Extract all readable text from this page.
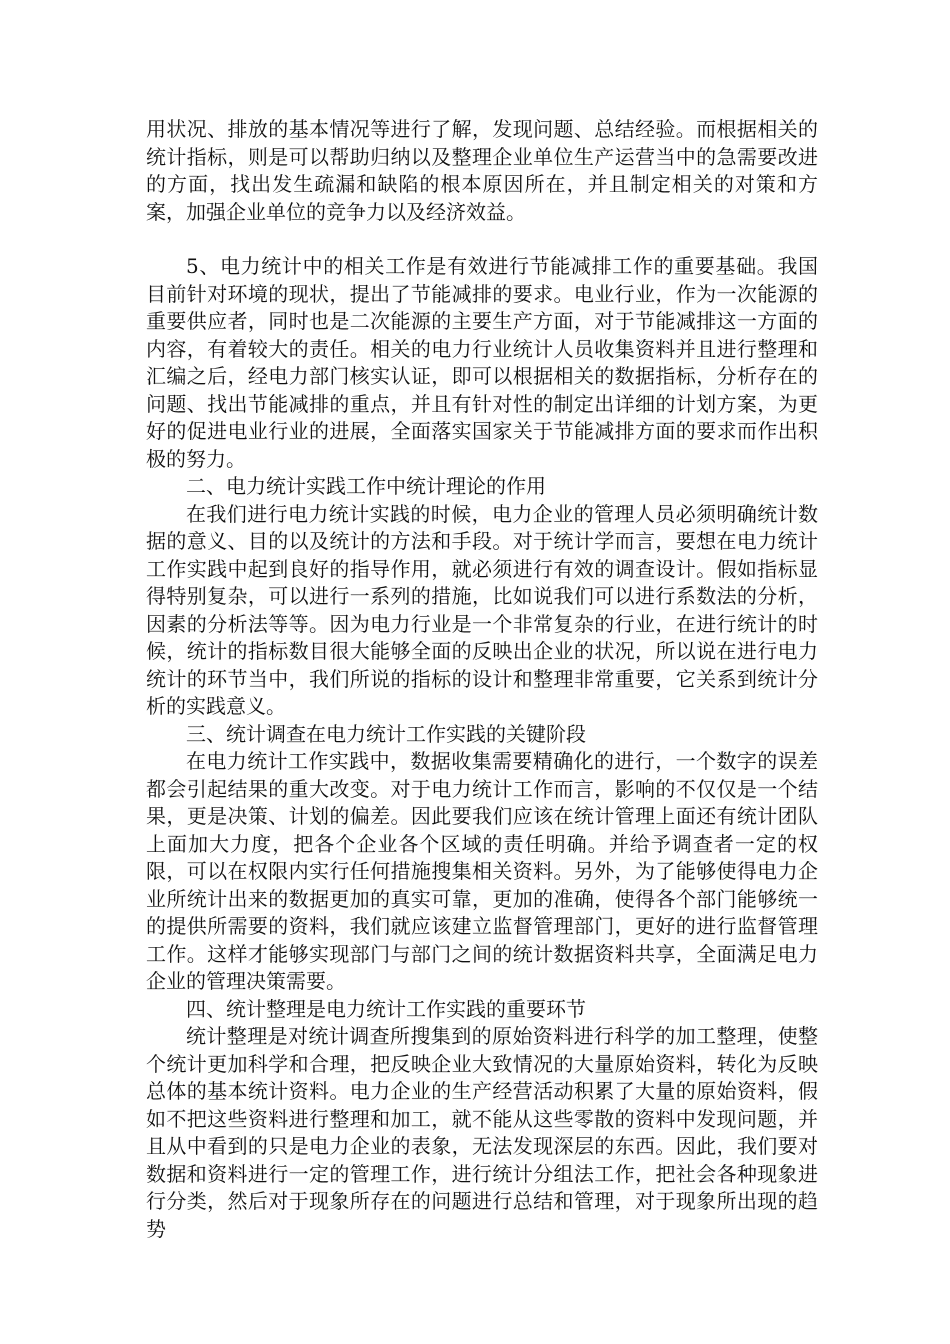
用状况、排放的基本情况等进行了解，发现问题、总结经验。而根据相关的统计指标，则是可以帮助归纳以及整理企业单位生产运营当中的急需要改进的方面，找出发生疏漏和缺陷的根本原因所在，并且制定相关的对策和方案，加强企业单位的竞争力以及经济效益。

5、电力统计中的相关工作是有效进行节能减排工作的重要基础。我国目前针对环境的现状，提出了节能减排的要求。电业行业，作为一次能源的重要供应者，同时也是二次能源的主要生产方面，对于节能减排这一方面的内容，有着较大的责任。相关的电力行业统计人员收集资料并且进行整理和汇编之后，经电力部门核实认证，即可以根据相关的数据指标，分析存在的问题、找出节能减排的重点，并且有针对性的制定出详细的计划方案，为更好的促进电业行业的进展，全面落实国家关于节能减排方面的要求而作出积极的努力。

二、电力统计实践工作中统计理论的作用

在我们进行电力统计实践的时候，电力企业的管理人员必须明确统计数据的意义、目的以及统计的方法和手段。对于统计学而言，要想在电力统计工作实践中起到良好的指导作用，就必须进行有效的调查设计。假如指标显得特别复杂，可以进行一系列的措施，比如说我们可以进行系数法的分析，因素的分析法等等。因为电力行业是一个非常复杂的行业，在进行统计的时候，统计的指标数目很大能够全面的反映出企业的状况，所以说在进行电力统计的环节当中，我们所说的指标的设计和整理非常重要，它关系到统计分析的实践意义。

三、统计调查在电力统计工作实践的关键阶段

在电力统计工作实践中，数据收集需要精确化的进行，一个数字的误差都会引起结果的重大改变。对于电力统计工作而言，影响的不仅仅是一个结果，更是决策、计划的偏差。因此要我们应该在统计管理上面还有统计团队上面加大力度，把各个企业各个区域的责任明确。并给予调查者一定的权限，可以在权限内实行任何措施搜集相关资料。另外，为了能够使得电力企业所统计出来的数据更加的真实可靠，更加的准确，使得各个部门能够统一的提供所需要的资料，我们就应该建立监督管理部门，更好的进行监督管理工作。这样才能够实现部门与部门之间的统计数据资料共享，全面满足电力企业的管理决策需要。

四、统计整理是电力统计工作实践的重要环节

统计整理是对统计调查所搜集到的原始资料进行科学的加工整理，使整个统计更加科学和合理，把反映企业大致情况的大量原始资料，转化为反映总体的基本统计资料。电力企业的生产经营活动积累了大量的原始资料，假如不把这些资料进行整理和加工，就不能从这些零散的资料中发现问题，并且从中看到的只是电力企业的表象，无法发现深层的东西。因此，我们要对数据和资料进行一定的管理工作，进行统计分组法工作，把社会各种现象进行分类，然后对于现象所存在的问题进行总结和管理，对于现象所出现的趋势
